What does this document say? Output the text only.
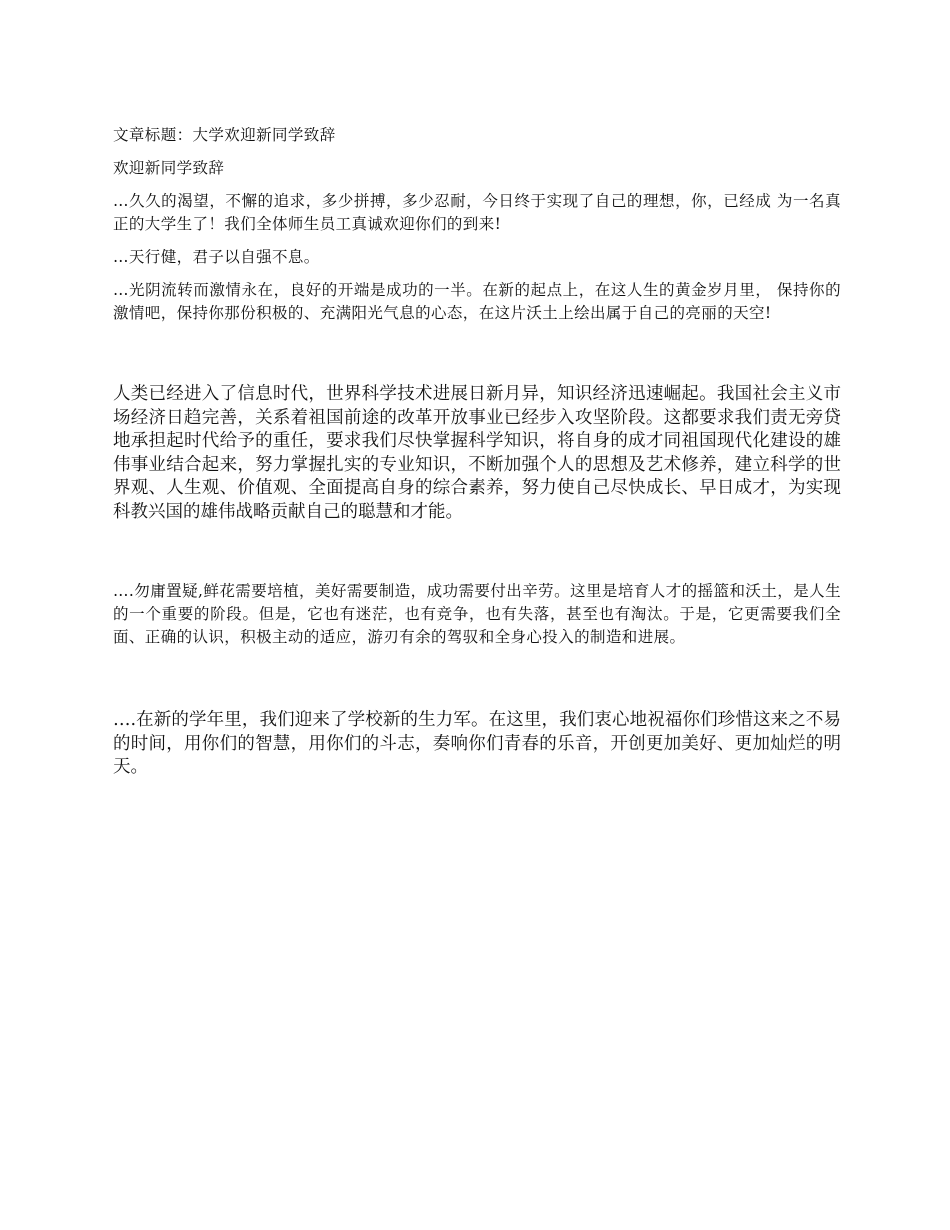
文章标题：大学欢迎新同学致辞

欢迎新同学致辞

…久久的渴望，不懈的追求，多少拼搏，多少忍耐，今日终于实现了自己的理想，你，已经成 为一名真正的大学生了！我们全体师生员工真诚欢迎你们的到来!

…天行健，君子以自强不息。

…光阴流转而激情永在，良好的开端是成功的一半。在新的起点上，在这人生的黄金岁月里， 保持你的激情吧，保持你那份积极的、充满阳光气息的心态，在这片沃土上绘出属于自己的亮丽的天空!

人类已经进入了信息时代，世界科学技术进展日新月异，知识经济迅速崛起。我国社会主义市场经济日趋完善，关系着祖国前途的改革开放事业已经步入攻坚阶段。这都要求我们责无旁贷地承担起时代给予的重任，要求我们尽快掌握科学知识，将自身的成才同祖国现代化建设的雄伟事业结合起来，努力掌握扎实的专业知识，不断加强个人的思想及艺术修养，建立科学的世界观、人生观、价值观、全面提高自身的综合素养，努力使自己尽快成长、早日成才，为实现科教兴国的雄伟战略贡献自己的聪慧和才能。

….勿庸置疑,鲜花需要培植，美好需要制造，成功需要付出辛劳。这里是培育人才的摇篮和沃土，是人生的一个重要的阶段。但是，它也有迷茫，也有竞争，也有失落，甚至也有淘汰。于是，它更需要我们全面、正确的认识，积极主动的适应，游刃有余的驾驭和全身心投入的制造和进展。

….在新的学年里，我们迎来了学校新的生力军。在这里，我们衷心地祝福你们珍惜这来之不易的时间，用你们的智慧，用你们的斗志，奏响你们青春的乐音，开创更加美好、更加灿烂的明天。
